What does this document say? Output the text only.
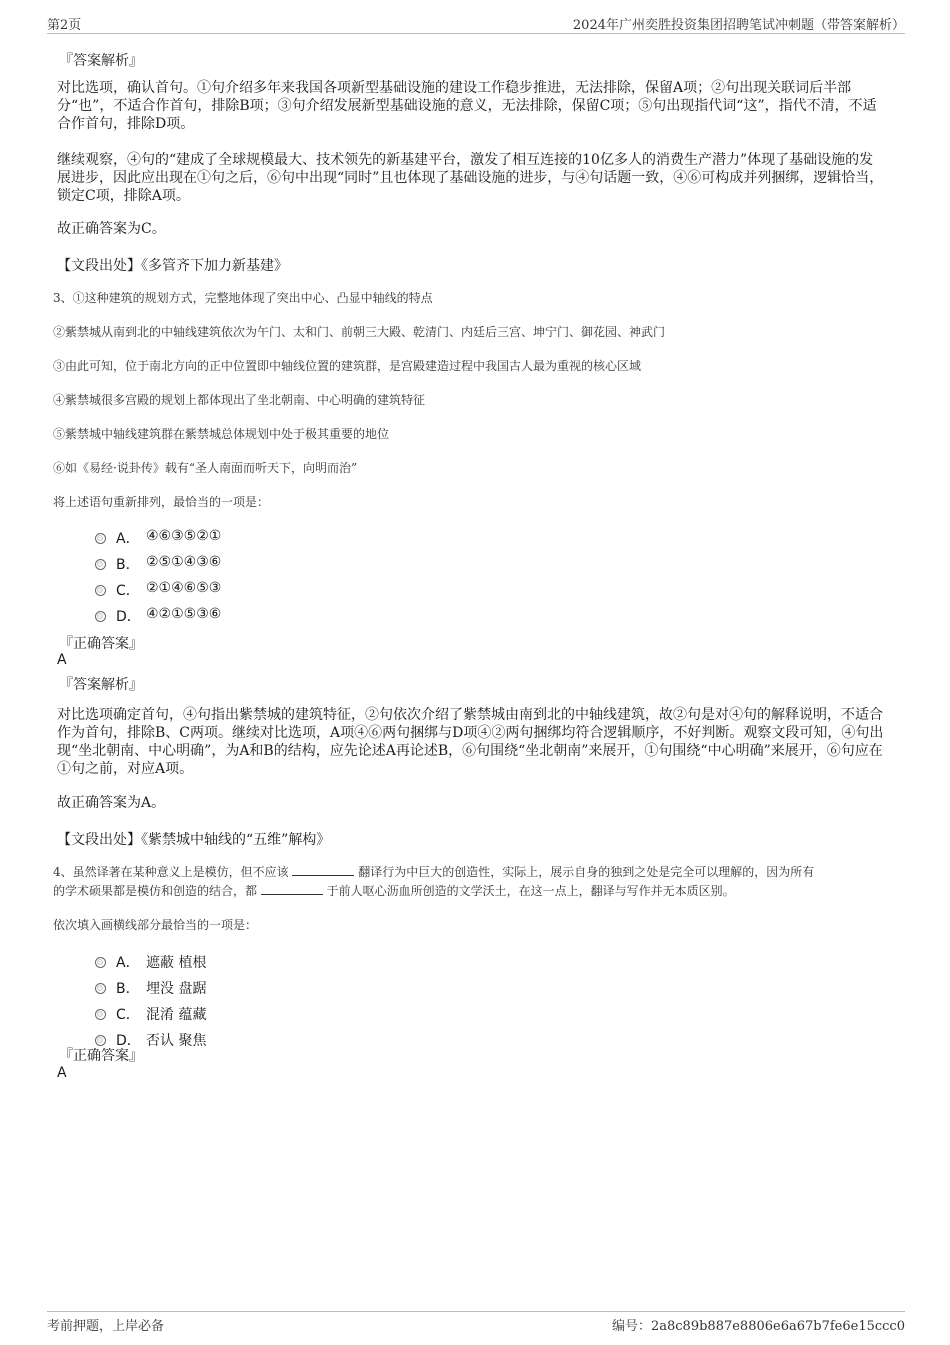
第2页	2024年广州奕胜投资集团招聘笔试冲刺题（带答案解析）
『答案解析』
对比选项，确认首句。①句介绍多年来我国各项新型基础设施的建设工作稳步推进，无法排除，保留A项；②句出现关联词后半部分“也”，不适合作首句，排除B项；③句介绍发展新型基础设施的意义，无法排除，保留C项；⑤句出现指代词“这”，指代不清，不适合作首句，排除D项。
继续观察，④句的“建成了全球规模最大、技术领先的新基建平台，激发了相互连接的10亿多人的消费生产潜力”体现了基础设施的发展进步，因此应出现在①句之后，⑥句中出现“同时”且也体现了基础设施的进步，与④句话题一致，④⑥可构成并列捆绑，逻辑恰当，锁定C项，排除A项。
故正确答案为C。
【文段出处】《多管齐下加力新基建》
3、①这种建筑的规划方式，完整地体现了突出中心、凸显中轴线的特点
②紫禁城从南到北的中轴线建筑依次为午门、太和门、前朝三大殿、乾清门、内廷后三宫、坤宁门、御花园、神武门
③由此可知，位于南北方向的正中位置即中轴线位置的建筑群，是宫殿建造过程中我国古人最为重视的核心区域
④紫禁城很多宫殿的规划上都体现出了坐北朝南、中心明确的建筑特征
⑤紫禁城中轴线建筑群在紫禁城总体规划中处于极其重要的地位
⑥如《易经·说卦传》载有“圣人南面而听天下，向明而治”
将上述语句重新排列，最恰当的一项是：
A． ④⑥③⑤②①
B． ②⑤①④③⑥
C． ②①④⑥⑤③
D． ④②①⑤③⑥
『正确答案』
A
『答案解析』
对比选项确定首句，④句指出紫禁城的建筑特征，②句依次介绍了紫禁城由南到北的中轴线建筑，故②句是对④句的解释说明，不适合作为首句，排除B、C两项。继续对比选项，A项④⑥两句捆绑与D项④②两句捆绑均符合逻辑顺序，不好判断。观察文段可知，④句出现“坐北朝南、中心明确”，为A和B的结构，应先论述A再论述B，⑥句围绕“坐北朝南”来展开，①句围绕“中心明确”来展开，⑥句应在①句之前，对应A项。
故正确答案为A。
【文段出处】《紫禁城中轴线的“五维”解构》
4、虽然译著在某种意义上是模仿，但不应该	翻译行为中巨大的创造性，实际上，展示自身的独到之处是完全可以理解的，因为所有
的学术硕果都是模仿和创造的结合，都	于前人呕心沥血所创造的文学沃土，在这一点上，翻译与写作并无本质区别。
依次填入画横线部分最恰当的一项是：
A． 遮蔽 植根
B． 埋没 盘踞
C． 混淆 蕴藏
D． 否认 聚焦
『正确答案』
A
考前押题，上岸必备	编号：2a8c89b887e8806e6a67b7fe6e15ccc0
